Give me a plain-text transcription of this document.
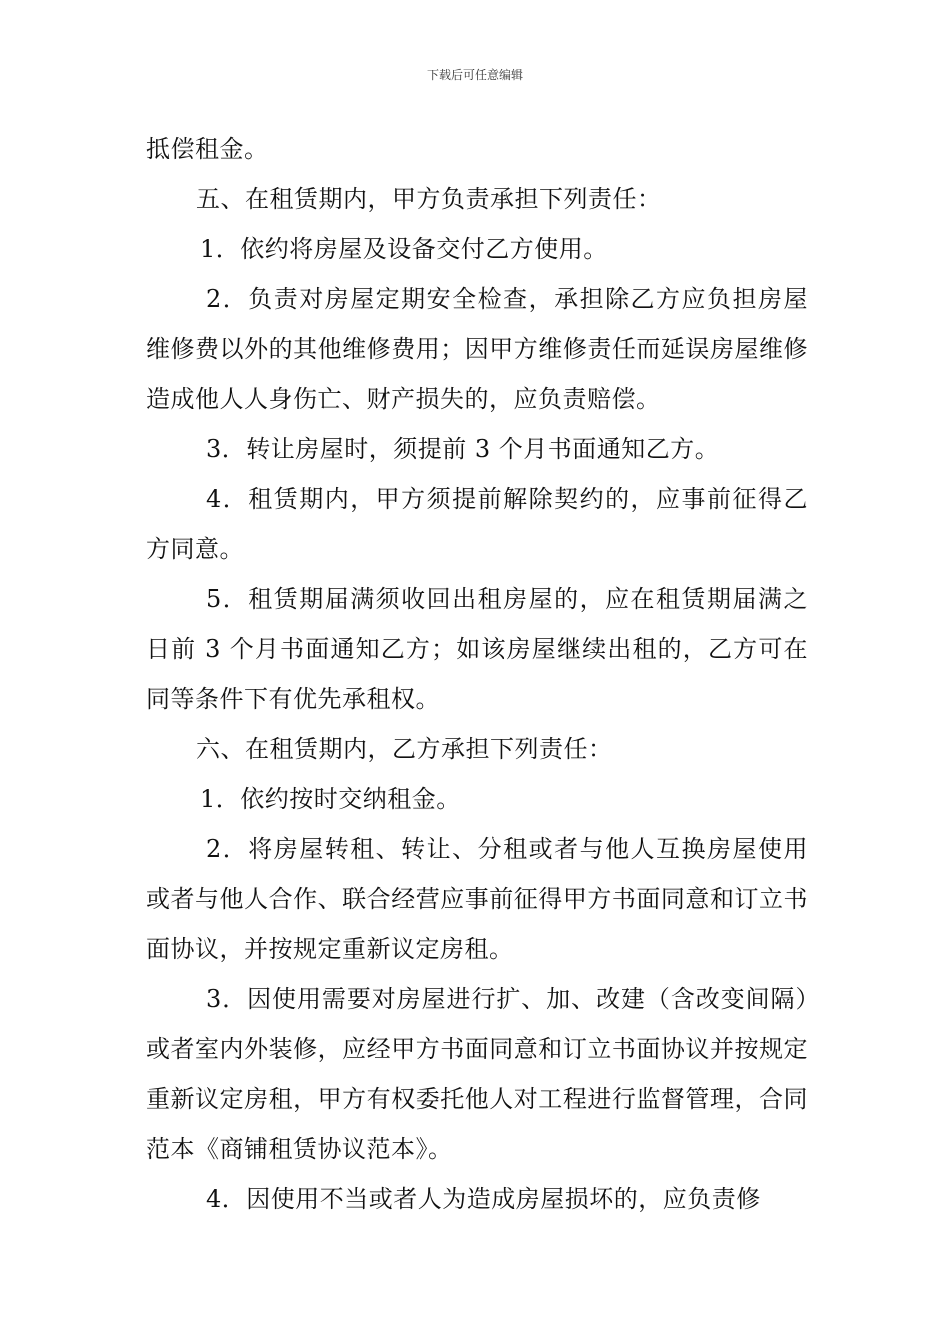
下载后可任意编辑

抵偿租金。

五、在租赁期内，甲方负责承担下列责任：

1．依约将房屋及设备交付乙方使用。

2．负责对房屋定期安全检查，承担除乙方应负担房屋维修费以外的其他维修费用；因甲方维修责任而延误房屋维修造成他人人身伤亡、财产损失的，应负责赔偿。

3．转让房屋时，须提前 3 个月书面通知乙方。

4．租赁期内，甲方须提前解除契约的，应事前征得乙方同意。

5．租赁期届满须收回出租房屋的，应在租赁期届满之日前 3 个月书面通知乙方；如该房屋继续出租的，乙方可在同等条件下有优先承租权。

六、在租赁期内，乙方承担下列责任：

1．依约按时交纳租金。

2．将房屋转租、转让、分租或者与他人互换房屋使用或者与他人合作、联合经营应事前征得甲方书面同意和订立书面协议，并按规定重新议定房租。

3．因使用需要对房屋进行扩、加、改建（含改变间隔）或者室内外装修，应经甲方书面同意和订立书面协议并按规定重新议定房租，甲方有权委托他人对工程进行监督管理，合同范本《商铺租赁协议范本》。

4．因使用不当或者人为造成房屋损坏的，应负责修
